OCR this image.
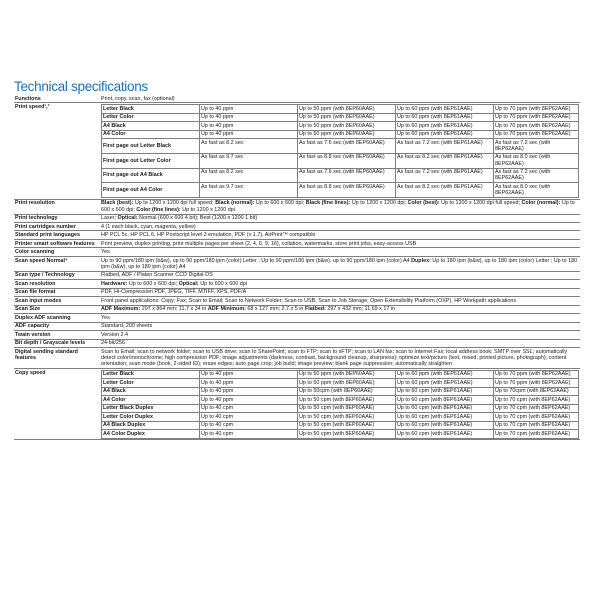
Technical specifications
Functions	Print, copy, scan, fax (optional)
Print speed¹,³		Letter Black	Up to 40 ppm	Up to 50 ppm (with 8EP60AAE)	Up to 60 ppm (with 8EP61AAE)	Up to 70 ppm (with 8EP62AAE)
Letter Color	Up to 40 ppm	Up to 50 ppm (with 8EP60AAE)	Up to 60 ppm (with 8EP61AAE)	Up to 70 ppm (with 8EP62AAE)
A4 Black	Up to 40 ppm	Up to 50 ppm (with 8EP60AAE)	Up to 60 ppm (with 8EP61AAE)	Up to 70 ppm (with 8EP62AAE)
A4 Color	Up to 40 ppm	Up to 50 ppm (with 8EP60AAE)	Up to 60 ppm (with 8EP61AAE)	Up to 70 ppm (with 8EP62AAE)
First page out Letter Black	As fast as 8.2 sec	As fast as 7.6 sec (with 8EP60AAE)	As fast as 7.2 sec (with 8EP61AAE)	As fast as 7.2 sec (with 8EP62AAE)
First page out Letter Color	As fast as 9.7 sec	As fast as 8.8 sec (with 8EP60AAE)	As fast as 8.2 sec (with 8EP61AAE)	As fast as 8.0 sec (with 8EP62AAE)
First page out A4 Black	As fast as 8.2 sec	As fast as 7.6 sec (with 8EP60AAE)	As fast as 7.2 sec (with 8EP61AAE)	As fast as 7.2 sec (with 8EP62AAE)
First page out A4 Color	As fast as 9.7 sec	As fast as 8.8 sec (with 8EP60AAE)	As fast as 8.2 sec (with 8EP61AAE)	As fast as 8.0 sec (with 8EP62AAE)

Print resolution	Black (best): Up to 1200 x 1200 dpi full speed; Black (normal): Up to 600 x 600 dpi; Black (fine lines): Up to 1200 x 1200 dpi; Color (best): Up to 1200 x 1200 dpi full speed; Color (normal): Up to 600 x 600 dpi; Color (fine lines): Up to 1200 x 1200 dpi
Print technology	Laser; Optical: Normal (600 x 600 4 bit); Best (1200 x 1200 1 bit)
Print cartridges number	4 (1 each black, cyan, magenta, yellow)
Standard print languages	HP PCL 5c, HP PCL 6, HP Postscript level 3 emulation, PDF (v 1.7), AirPrint™ compatible
Printer smart software features	Print preview, duplex printing, print multiple pages per sheet (2, 4, 6, 9, 16), collation, watermarks, store print jobs, easy-access USB
Color scanning	Yes
Scan speed Normal⁴	Up to 90 ppm/180 ipm (b&w), up to 90 ppm/180 ipm (color) Letter ; Up to 90 ppm/180 ipm (b&w), up to 90 ppm/180 ipm (color) A4 Duplex: Up to 180 ipm (b&w), up to 180 ipm (color) Letter ; Up to 180 ipm (b&w), up to 180 ipm (color) A4
Scan type / Technology	Flatbed, ADF / Platen Scanner CCD Digital-DS
Scan resolution	Hardware: Up to 600 x 600 dpi; Optical: Up to 600 x 600 dpi
Scan file format	PDF, Hi-Compression PDF, JPEG, TIFF, MTIFF, XPS, PDF/A
Scan input modes	Front panel applications: Copy; Fax; Scan to Email; Scan to Network Folder; Scan to USB; Scan to Job Storage; Open Extensibility Platform (OXP), HP Workpath applications
Scan Size	ADF Maximum: 297 x 864 mm; 11.7 x 34 in ADF Minimum: 68 x 127 mm; 2.7 x 5 in Flatbed: 297 x 432 mm; 11.69 x 17 in
Duplex ADF scanning	Yes
ADF capacity	Standard, 200 sheets
Twain version	Version 2.4
Bit depth / Grayscale levels	24-bit/256
Digital sending standard features	Scan to Email; scan to network folder; scan to USB drive; scan to SharePoint; scan to FTP; scan to sFTP; scan to LAN fax; scan to Internet Fax; local address book; SMTP over SSL; automatically detect color/monochrome; high compression PDF; image adjustments (darkness, contrast, background cleanup, sharpness); optimize text/picture (text, mixed, printed picture, photograph); content orientation; scan mode (book, 2-sided ID); erase edges; auto page crop; job build; image preview; blank page suppression; automatically straighten
Copy speed		Letter Black	Up to 40 ppm	Up to 50 ppm (with 8EP60AAE)	Up to 60 ppm (with 8EP61AAE)	Up to 70 ppm (with 8EP62AAE)
Letter Color	Up to 40 ppm	Up to 50 ppm (with 8EP60AAE)	Up to 60 ppm (with 8EP61AAE)	Up to 70 ppm (with 8EP62AAE)
A4 Black	Up to 40 ppm	Up to 50cpm (with 8EP60AAE)	Up to 60 cpm (with 8EP61AAE)	Up to 70cpm (with 8EP62AAE)
A4 Color	Up to 40 ppm	Up to 50 cpm (with 8EP60AAE)	Up to 60 cpm (with 8EP61AAE)	Up to 70 cpm (with 8EP62AAE)
Letter Black Duplex	Up to 40 cpm	Up to 50 cpm (with 8EP60AAE)	Up to 60 cpm (with 8EP61AAE)	Up to 70 cpm (with 8EP62AAE)
Letter Color Duplex	Up to 40 cpm	Up to 50 cpm (with 8EP60AAE)	Up to 60 cpm (with 8EP61AAE)	Up to 70 cpm (with 8EP62AAE)
A4 Black Duplex	Up to 40 cpm	Up to 50 cpm (with 8EP60AAE)	Up to 60 cpm (with 8EP61AAE)	Up to 70 cpm (with 8EP62AAE)
A4 Color Duplex	Up to 40 cpm	Up to 50 cpm (with 8EP60AAE)	Up to 60 cpm (with 8EP61AAE)	Up to 70 cpm (with 8EP62AAE)
